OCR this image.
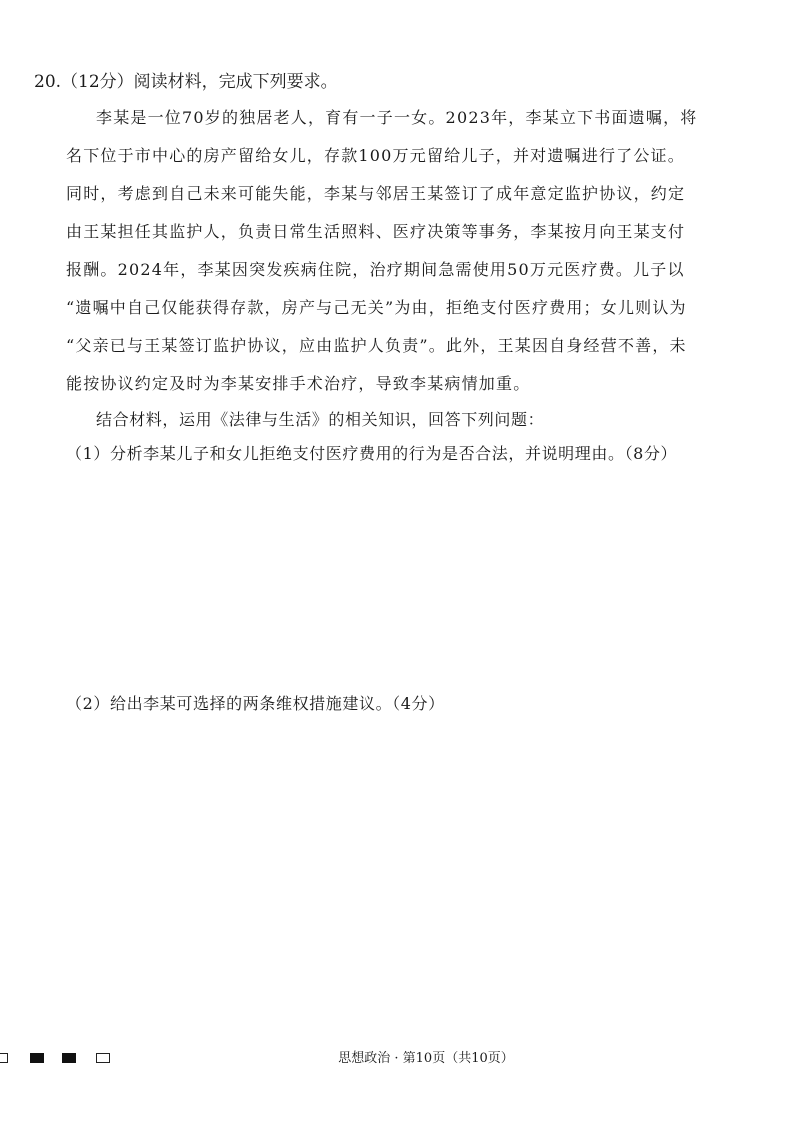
20.（12分）阅读材料，完成下列要求。
李某是一位70岁的独居老人，育有一子一女。2023年，李某立下书面遗嘱，将
名下位于市中心的房产留给女儿，存款100万元留给儿子，并对遗嘱进行了公证。
同时，考虑到自己未来可能失能，李某与邻居王某签订了成年意定监护协议，约定
由王某担任其监护人，负责日常生活照料、医疗决策等事务，李某按月向王某支付
报酬。2024年，李某因突发疾病住院，治疗期间急需使用50万元医疗费。儿子以
“遗嘱中自己仅能获得存款，房产与己无关”为由，拒绝支付医疗费用；女儿则认为
“父亲已与王某签订监护协议，应由监护人负责”。此外，王某因自身经营不善，未
能按协议约定及时为李某安排手术治疗，导致李某病情加重。
结合材料，运用《法律与生活》的相关知识，回答下列问题：
（1）分析李某儿子和女儿拒绝支付医疗费用的行为是否合法，并说明理由。（8分）
（2）给出李某可选择的两条维权措施建议。（4分）
思想政治 · 第10页（共10页）
